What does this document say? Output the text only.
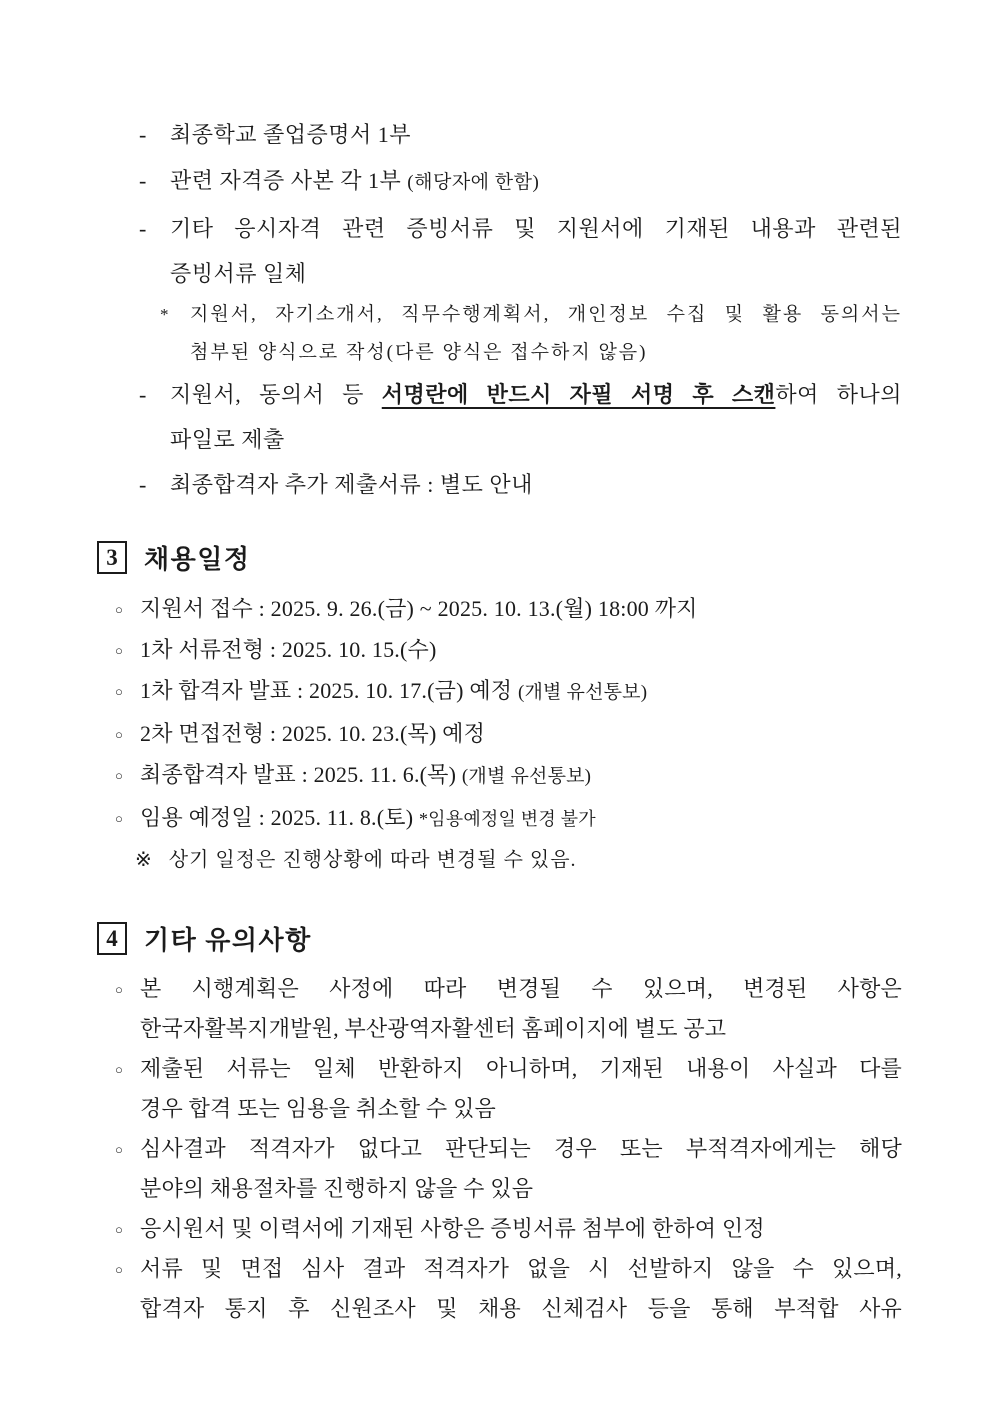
- 최종학교 졸업증명서 1부
- 관련 자격증 사본 각 1부 (해당자에 한함)
- 기타 응시자격 관련 증빙서류 및 지원서에 기재된 내용과 관련된
증빙서류 일체
* 지원서, 자기소개서, 직무수행계획서, 개인정보 수집 및 활용 동의서는
첨부된 양식으로 작성(다른 양식은 접수하지 않음)
- 지원서, 동의서 등 서명란에 반드시 자필 서명 후 스캔하여 하나의
파일로 제출
- 최종합격자 추가 제출서류 : 별도 안내
3 채용일정
○ 지원서 접수 : 2025. 9. 26.(금) ~ 2025. 10. 13.(월) 18:00 까지
○ 1차 서류전형 : 2025. 10. 15.(수)
○ 1차 합격자 발표 : 2025. 10. 17.(금) 예정 (개별 유선통보)
○ 2차 면접전형 : 2025. 10. 23.(목) 예정
○ 최종합격자 발표 : 2025. 11. 6.(목) (개별 유선통보)
○ 임용 예정일 : 2025. 11. 8.(토) *임용예정일 변경 불가
※ 상기 일정은 진행상황에 따라 변경될 수 있음.
4 기타 유의사항
○ 본 시행계획은 사정에 따라 변경될 수 있으며, 변경된 사항은
한국자활복지개발원, 부산광역자활센터 홈페이지에 별도 공고
○ 제출된 서류는 일체 반환하지 아니하며, 기재된 내용이 사실과 다를
경우 합격 또는 임용을 취소할 수 있음
○ 심사결과 적격자가 없다고 판단되는 경우 또는 부적격자에게는 해당
분야의 채용절차를 진행하지 않을 수 있음
○ 응시원서 및 이력서에 기재된 사항은 증빙서류 첨부에 한하여 인정
○ 서류 및 면접 심사 결과 적격자가 없을 시 선발하지 않을 수 있으며,
합격자 통지 후 신원조사 및 채용 신체검사 등을 통해 부적합 사유
